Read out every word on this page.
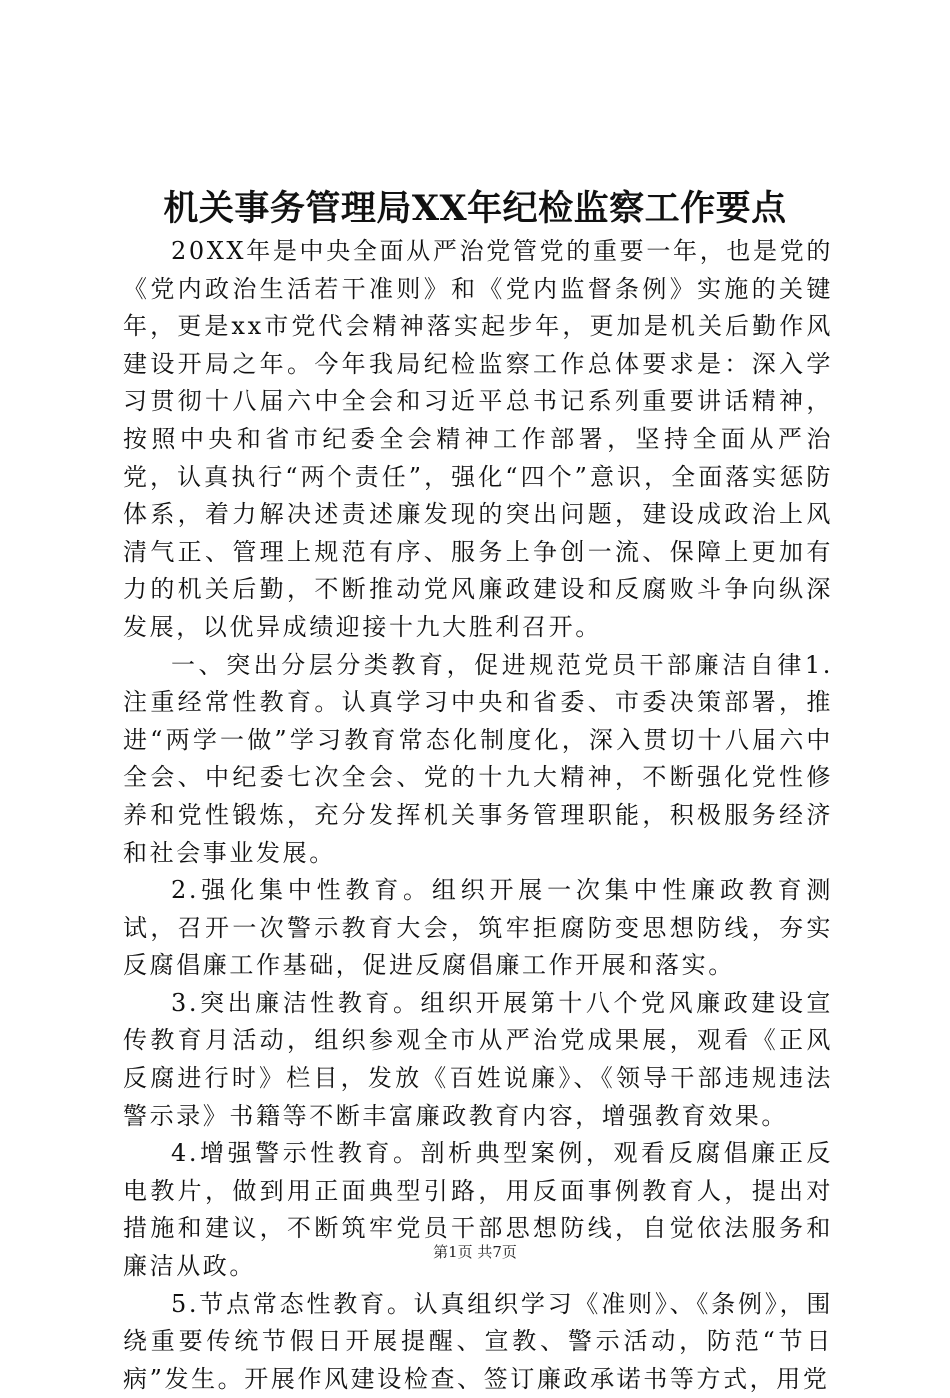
机关事务管理局XX年纪检监察工作要点

20XX年是中央全面从严治党管党的重要一年，也是党的《党内政治生活若干准则》和《党内监督条例》实施的关键年，更是xx市党代会精神落实起步年，更加是机关后勤作风建设开局之年。今年我局纪检监察工作总体要求是：深入学习贯彻十八届六中全会和习近平总书记系列重要讲话精神，按照中央和省市纪委全会精神工作部署，坚持全面从严治党，认真执行“两个责任”，强化“四个”意识，全面落实惩防体系，着力解决述责述廉发现的突出问题，建设成政治上风清气正、管理上规范有序、服务上争创一流、保障上更加有力的机关后勤，不断推动党风廉政建设和反腐败斗争向纵深发展，以优异成绩迎接十九大胜利召开。

一、突出分层分类教育，促进规范党员干部廉洁自律1.注重经常性教育。认真学习中央和省委、市委决策部署，推进“两学一做”学习教育常态化制度化，深入贯切十八届六中全会、中纪委七次全会、党的十九大精神，不断强化党性修养和党性锻炼，充分发挥机关事务管理职能，积极服务经济和社会事业发展。

2.强化集中性教育。组织开展一次集中性廉政教育测试，召开一次警示教育大会，筑牢拒腐防变思想防线，夯实反腐倡廉工作基础，促进反腐倡廉工作开展和落实。

3.突出廉洁性教育。组织开展第十八个党风廉政建设宣传教育月活动，组织参观全市从严治党成果展，观看《正风反腐进行时》栏目，发放《百姓说廉》、《领导干部违规违法警示录》书籍等不断丰富廉政教育内容，增强教育效果。

4.增强警示性教育。剖析典型案例，观看反腐倡廉正反电教片，做到用正面典型引路，用反面事例教育人，提出对措施和建议，不断筑牢党员干部思想防线，自觉依法服务和廉洁从政。

5.节点常态性教育。认真组织学习《准则》、《条例》，围绕重要传统节假日开展提醒、宣教、警示活动，防范“节日病”发生。开展作风建设检查、签订廉政承诺书等方式，用党

第1页 共7页
